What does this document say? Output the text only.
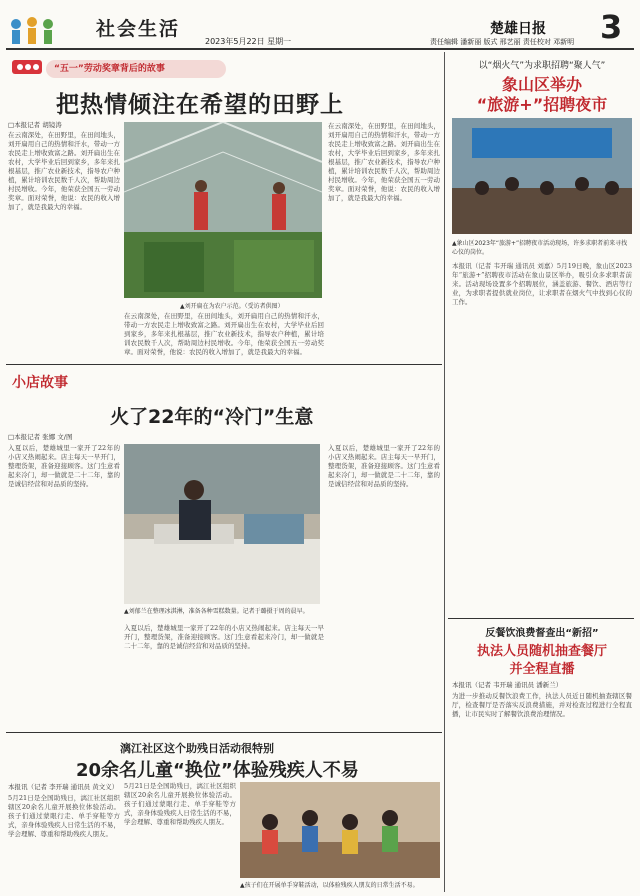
社会生活
2023年5月22日 星期一
楚雄日报 3
责任编辑 潘新丽 版式 邢艺丽 责任校对 邓新明
“五一”劳动奖章背后的故事
把热情倾注在希望的田野上
□本报记者 胡镜涛
在云南深处，在田野里，在田间地头，刘开扁用自己的热情和汗水，带动一方农民走上增收致富之路。刘开扁出生在农村，大学毕业后回到家乡，多年来扎根基层，推广农业新技术，指导农户种植，累计培训农民数千人次，帮助周边村民增收。今年，他荣获全国五一劳动奖章。面对荣誉，他说：农民的收入增加了，就是我最大的幸福。
▲刘开扁在为农户示范。（受访者供图）
在云南深处，在田野里，在田间地头，刘开扁用自己的热情和汗水，带动一方农民走上增收致富之路。刘开扁出生在农村，大学毕业后回到家乡，多年来扎根基层，推广农业新技术，指导农户种植，累计培训农民数千人次，帮助周边村民增收。今年，他荣获全国五一劳动奖章。面对荣誉，他说：农民的收入增加了，就是我最大的幸福。
在云南深处，在田野里，在田间地头，刘开扁用自己的热情和汗水，带动一方农民走上增收致富之路。刘开扁出生在农村，大学毕业后回到家乡，多年来扎根基层，推广农业新技术，指导农户种植，累计培训农民数千人次，帮助周边村民增收。今年，他荣获全国五一劳动奖章。面对荣誉，他说：农民的收入增加了，就是我最大的幸福。
小店故事
火了22年的“冷门”生意
□本报记者 张娜 文/图
入夏以后，楚雄城里一家开了22年的小店又热闹起来。店主每天一早开门，整理货架，准备迎接顾客。这门生意看起来冷门，却一做就是二十二年，靠的是诚信经营和对品质的坚持。
▲刘郁兰在整理冰淇淋，准备各种雪糕数量。记者于璐摄于周的晨早。
入夏以后，楚雄城里一家开了22年的小店又热闹起来。店主每天一早开门，整理货架，准备迎接顾客。这门生意看起来冷门，却一做就是二十二年，靠的是诚信经营和对品质的坚持。
入夏以后，楚雄城里一家开了22年的小店又热闹起来。店主每天一早开门，整理货架，准备迎接顾客。这门生意看起来冷门，却一做就是二十二年，靠的是诚信经营和对品质的坚持。
漓江社区这个助残日活动很特别
20余名儿童“换位”体验残疾人不易
本报讯（记者 李开瑞 通讯员 黄文义）
5月21日是全国助残日，漓江社区组织辖区20余名儿童开展换位体验活动。孩子们通过蒙眼行走、单手穿鞋等方式，亲身体验残疾人日常生活的不易，学会理解、尊重和帮助残疾人朋友。
5月21日是全国助残日，漓江社区组织辖区20余名儿童开展换位体验活动。孩子们通过蒙眼行走、单手穿鞋等方式，亲身体验残疾人日常生活的不易，学会理解、尊重和帮助残疾人朋友。
▲孩子们在开展单手穿鞋活动，以体验残疾人朋友的日常生活不易。
以“烟火气”为求职招聘“聚人气”
象山区举办
“旅游+”招聘夜市
▲象山区2023年“旅游+”招聘夜市活动现场，许多求职者前来寻找心仪的岗位。
本报讯（记者 韦开瑞 通讯员 刘嘉）5月19日晚，象山区2023年“旅游+”招聘夜市活动在象山景区举办，吸引众多求职者前来。活动现场设置多个招聘展位，涵盖旅游、餐饮、酒店等行业，为求职者提供就业岗位，让求职者在烟火气中找到心仪的工作。
反餐饮浪费督查出“新招”
执法人员随机抽查餐厅
并全程直播
本报讯（记者 韦开瑞 通讯员 潘新兰）
为进一步推动反餐饮浪费工作，执法人员近日随机抽查辖区餐厅，检查餐厅是否落实反浪费措施，并对检查过程进行全程直播，让市民实时了解餐饮浪费治理情况。
